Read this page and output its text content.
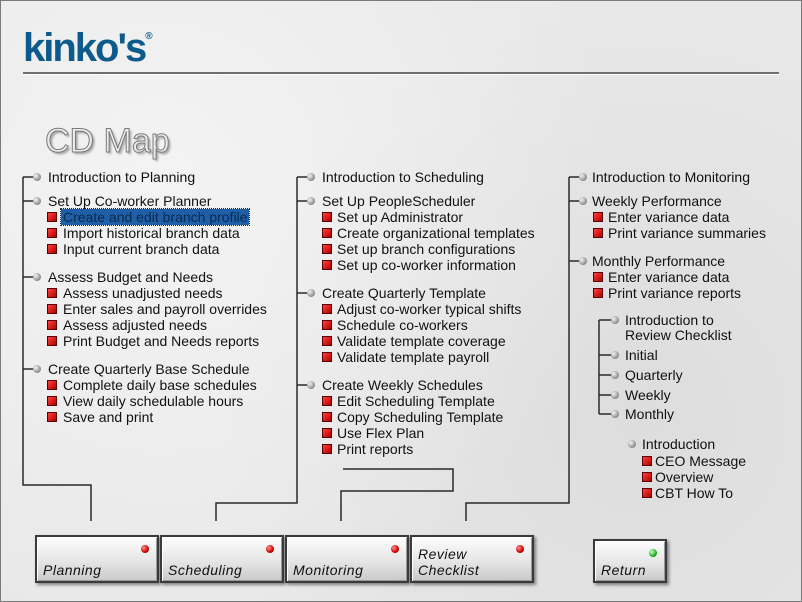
kinko's®
CD Map
Introduction to Planning
Set Up Co-worker Planner
Create and edit branch profile
Import historical branch data
Input current branch data
Assess Budget and Needs
Assess unadjusted needs
Enter sales and payroll overrides
Assess adjusted needs
Print Budget and Needs reports
Create Quarterly Base Schedule
Complete daily base schedules
View daily schedulable hours
Save and print
Introduction to Scheduling
Set Up PeopleScheduler
Set up Administrator
Create organizational templates
Set up branch configurations
Set up co-worker information
Create Quarterly Template
Adjust co-worker typical shifts
Schedule co-workers
Validate template coverage
Validate template payroll
Create Weekly Schedules
Edit Scheduling Template
Copy Scheduling Template
Use Flex Plan
Print reports
Introduction to Monitoring
Weekly Performance
Enter variance data
Print variance summaries
Monthly Performance
Enter variance data
Print variance reports
Introduction to
Review Checklist
Initial
Quarterly
Weekly
Monthly
Introduction
CEO Message
Overview
CBT How To
Planning	Scheduling	Monitoring
Review Checklist	Return
